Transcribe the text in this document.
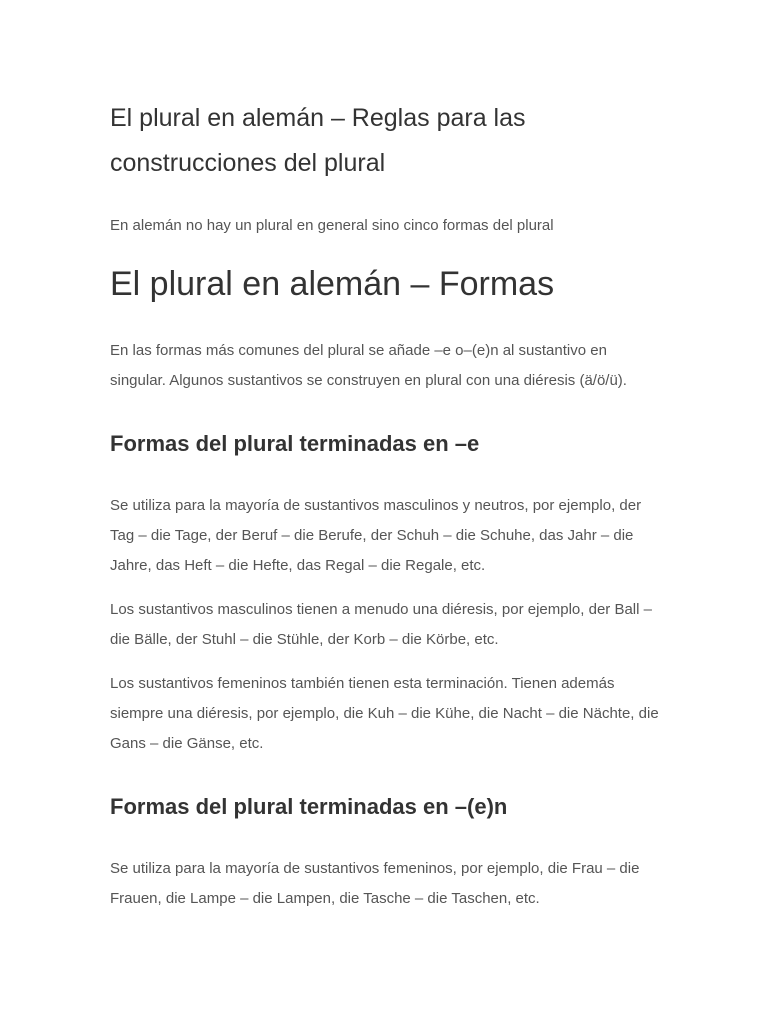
El plural en alemán – Reglas para las construcciones del plural

En alemán no hay un plural en general sino cinco formas del plural

El plural en alemán – Formas

En las formas más comunes del plural se añade –e o–(e)n al sustantivo en singular. Algunos sustantivos se construyen en plural con una diéresis (ä/ö/ü).

Formas del plural terminadas en –e

Se utiliza para la mayoría de sustantivos masculinos y neutros, por ejemplo, der Tag – die Tage, der Beruf – die Berufe, der Schuh – die Schuhe, das Jahr – die Jahre, das Heft – die Hefte, das Regal – die Regale, etc.

Los sustantivos masculinos tienen a menudo una diéresis, por ejemplo, der Ball – die Bälle, der Stuhl – die Stühle, der Korb – die Körbe, etc.

Los sustantivos femeninos también tienen esta terminación. Tienen además siempre una diéresis, por ejemplo, die Kuh – die Kühe, die Nacht – die Nächte, die Gans – die Gänse, etc.

Formas del plural terminadas en –(e)n

Se utiliza para la mayoría de sustantivos femeninos, por ejemplo, die Frau – die Frauen, die Lampe – die Lampen, die Tasche – die Taschen, etc.
